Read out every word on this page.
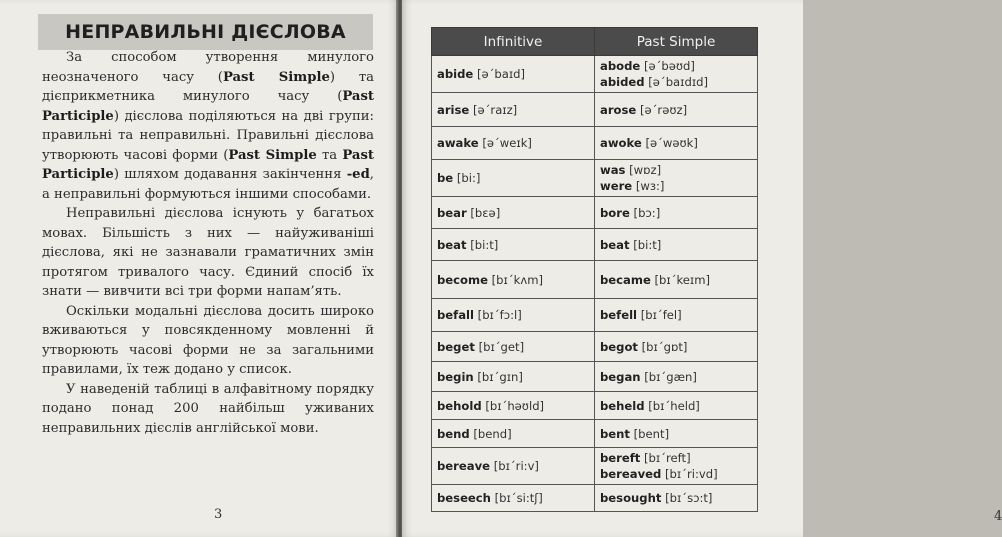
НЕПРАВИЛЬНІ ДІЄСЛОВА

За способом утворення минулого неозначеного часу (Past Simple) та дієприкметника минулого часу (Past Participle) дієслова поділяються на дві групи: правильні та неправильні. Правильні дієслова утворюють часові форми (Past Simple та Past Participle) шляхом додавання закінчення -ed, а неправильні формуються іншими способами.

Неправильні дієслова існують у багатьох мовах. Більшість з них — найуживаніші дієслова, які не зазнавали граматичних змін протягом тривалого часу. Єдиний спосіб їх знати — вивчити всі три форми напам’ять.

Оскільки модальні дієслова досить широко вживаються у повсякденному мовленні й утворюють часові форми не за загальними правилами, їх теж додано у список.

У наведеній таблиці в алфавітному порядку подано понад 200 найбільш уживаних неправильних дієслів англійської мови.

3	4
Infinitive	Past Simple

abide [ə΄baɪd]	abode [ə΄bəʊd]
abided [ə΄baɪdɪd]

arise [ə΄raɪz]	arose [ə΄rəʊz]

awake [ə΄weɪk]	awoke [ə΄wəʊk]

be [bi:]	was [wɒz]
were [wɜ:]

bear [bɛə]	bore [bɔ:]

beat [bi:t]	beat [bi:t]

become [bɪ΄kʌm]	became [bɪ΄keɪm]

befall [bɪ΄fɔ:l]	befell [bɪ΄fel]

beget [bɪ΄get]	begot [bɪ΄gɒt]

begin [bɪ΄gɪn]	began [bɪ΄gæn]

behold [bɪ΄həʊld]	beheld [bɪ΄held]

bend [bend]	bent [bent]

bereave [bɪ΄ri:v]	bereft [bɪ΄reft]
bereaved [bɪ΄ri:vd]

beseech [bɪ΄si:tʃ]	besought [bɪ΄sɔ:t]
